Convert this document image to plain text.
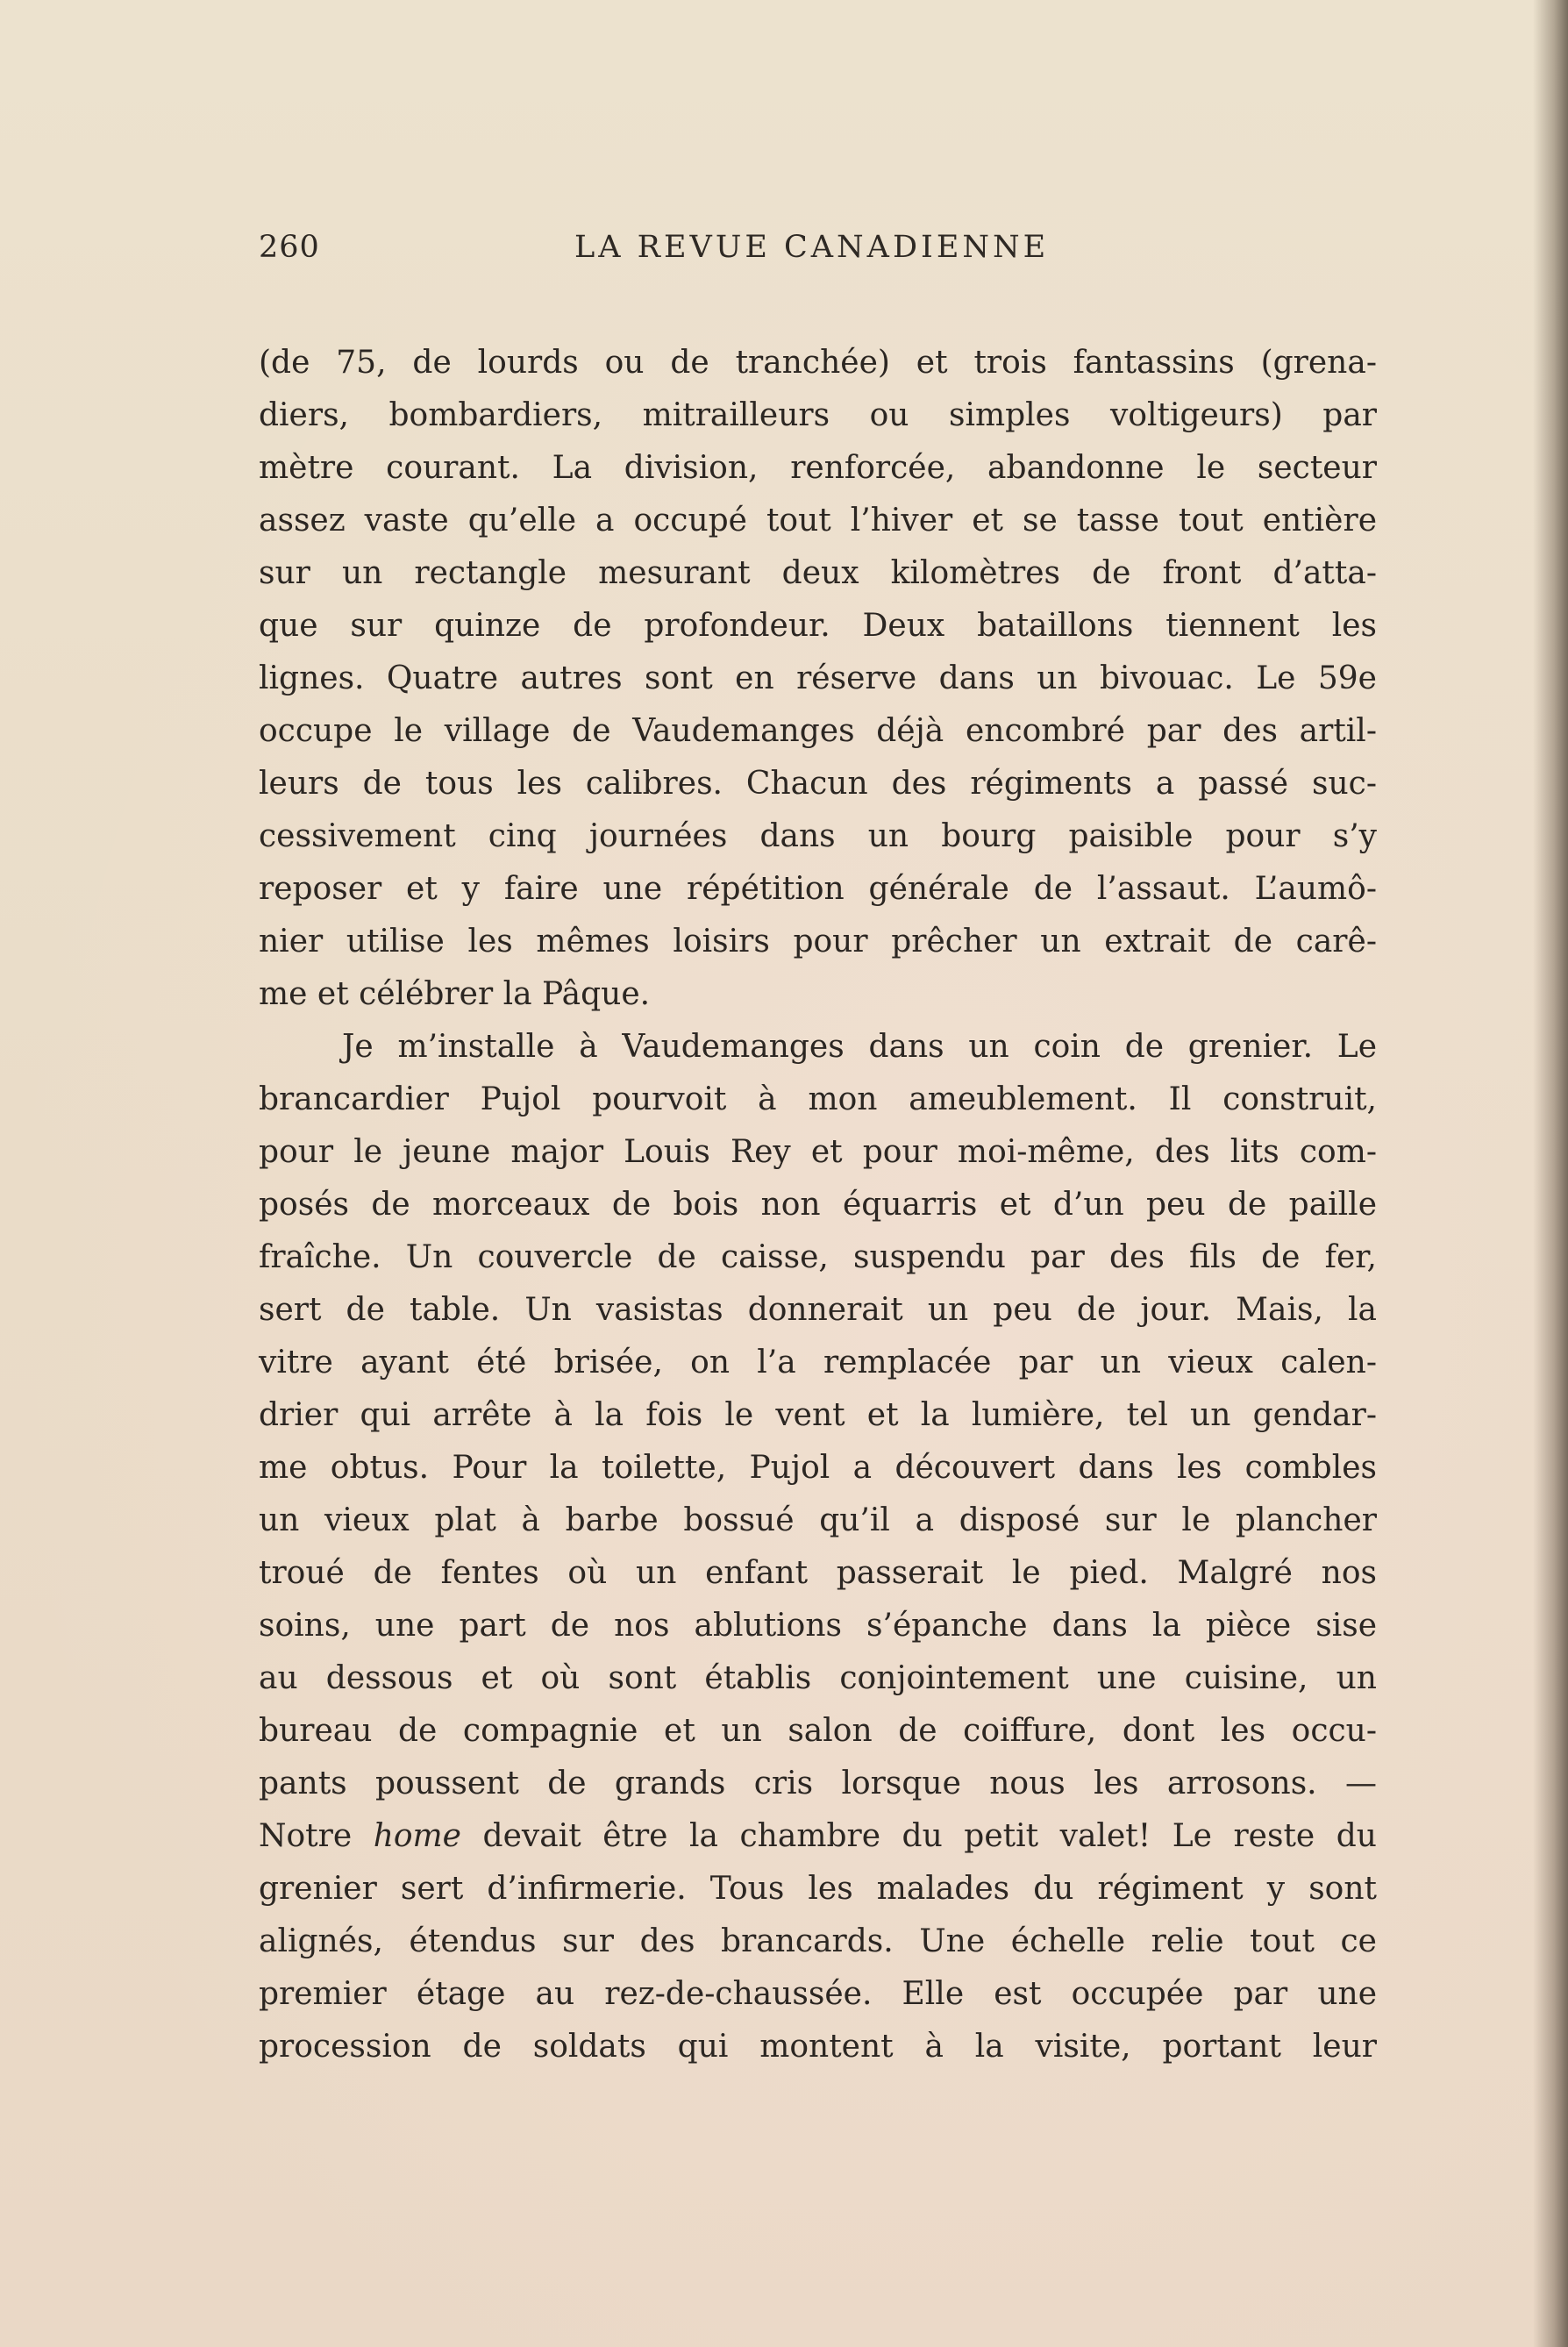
260	LA REVUE CANADIENNE
(de 75, de lourds ou de tranchée) et trois fantassins (grena-
diers, bombardiers, mitrailleurs ou simples voltigeurs) par
mètre courant. La division, renforcée, abandonne le secteur
assez vaste qu’elle a occupé tout l’hiver et se tasse tout entière
sur un rectangle mesurant deux kilomètres de front d’atta-
que sur quinze de profondeur. Deux bataillons tiennent les
lignes. Quatre autres sont en réserve dans un bivouac. Le 59e
occupe le village de Vaudemanges déjà encombré par des artil-
leurs de tous les calibres. Chacun des régiments a passé suc-
cessivement cinq journées dans un bourg paisible pour s’y
reposer et y faire une répétition générale de l’assaut. L’aumô-
nier utilise les mêmes loisirs pour prêcher un extrait de carê-
me et célébrer la Pâque.
Je m’installe à Vaudemanges dans un coin de grenier. Le
brancardier Pujol pourvoit à mon ameublement. Il construit,
pour le jeune major Louis Rey et pour moi-même, des lits com-
posés de morceaux de bois non équarris et d’un peu de paille
fraîche. Un couvercle de caisse, suspendu par des fils de fer,
sert de table. Un vasistas donnerait un peu de jour. Mais, la
vitre ayant été brisée, on l’a remplacée par un vieux calen-
drier qui arrête à la fois le vent et la lumière, tel un gendar-
me obtus. Pour la toilette, Pujol a découvert dans les combles
un vieux plat à barbe bossué qu’il a disposé sur le plancher
troué de fentes où un enfant passerait le pied. Malgré nos
soins, une part de nos ablutions s’épanche dans la pièce sise
au dessous et où sont établis conjointement une cuisine, un
bureau de compagnie et un salon de coiffure, dont les occu-
pants poussent de grands cris lorsque nous les arrosons. —
Notre home devait être la chambre du petit valet! Le reste du
grenier sert d’infirmerie. Tous les malades du régiment y sont
alignés, étendus sur des brancards. Une échelle relie tout ce
premier étage au rez-de-chaussée. Elle est occupée par une
procession de soldats qui montent à la visite, portant leur
